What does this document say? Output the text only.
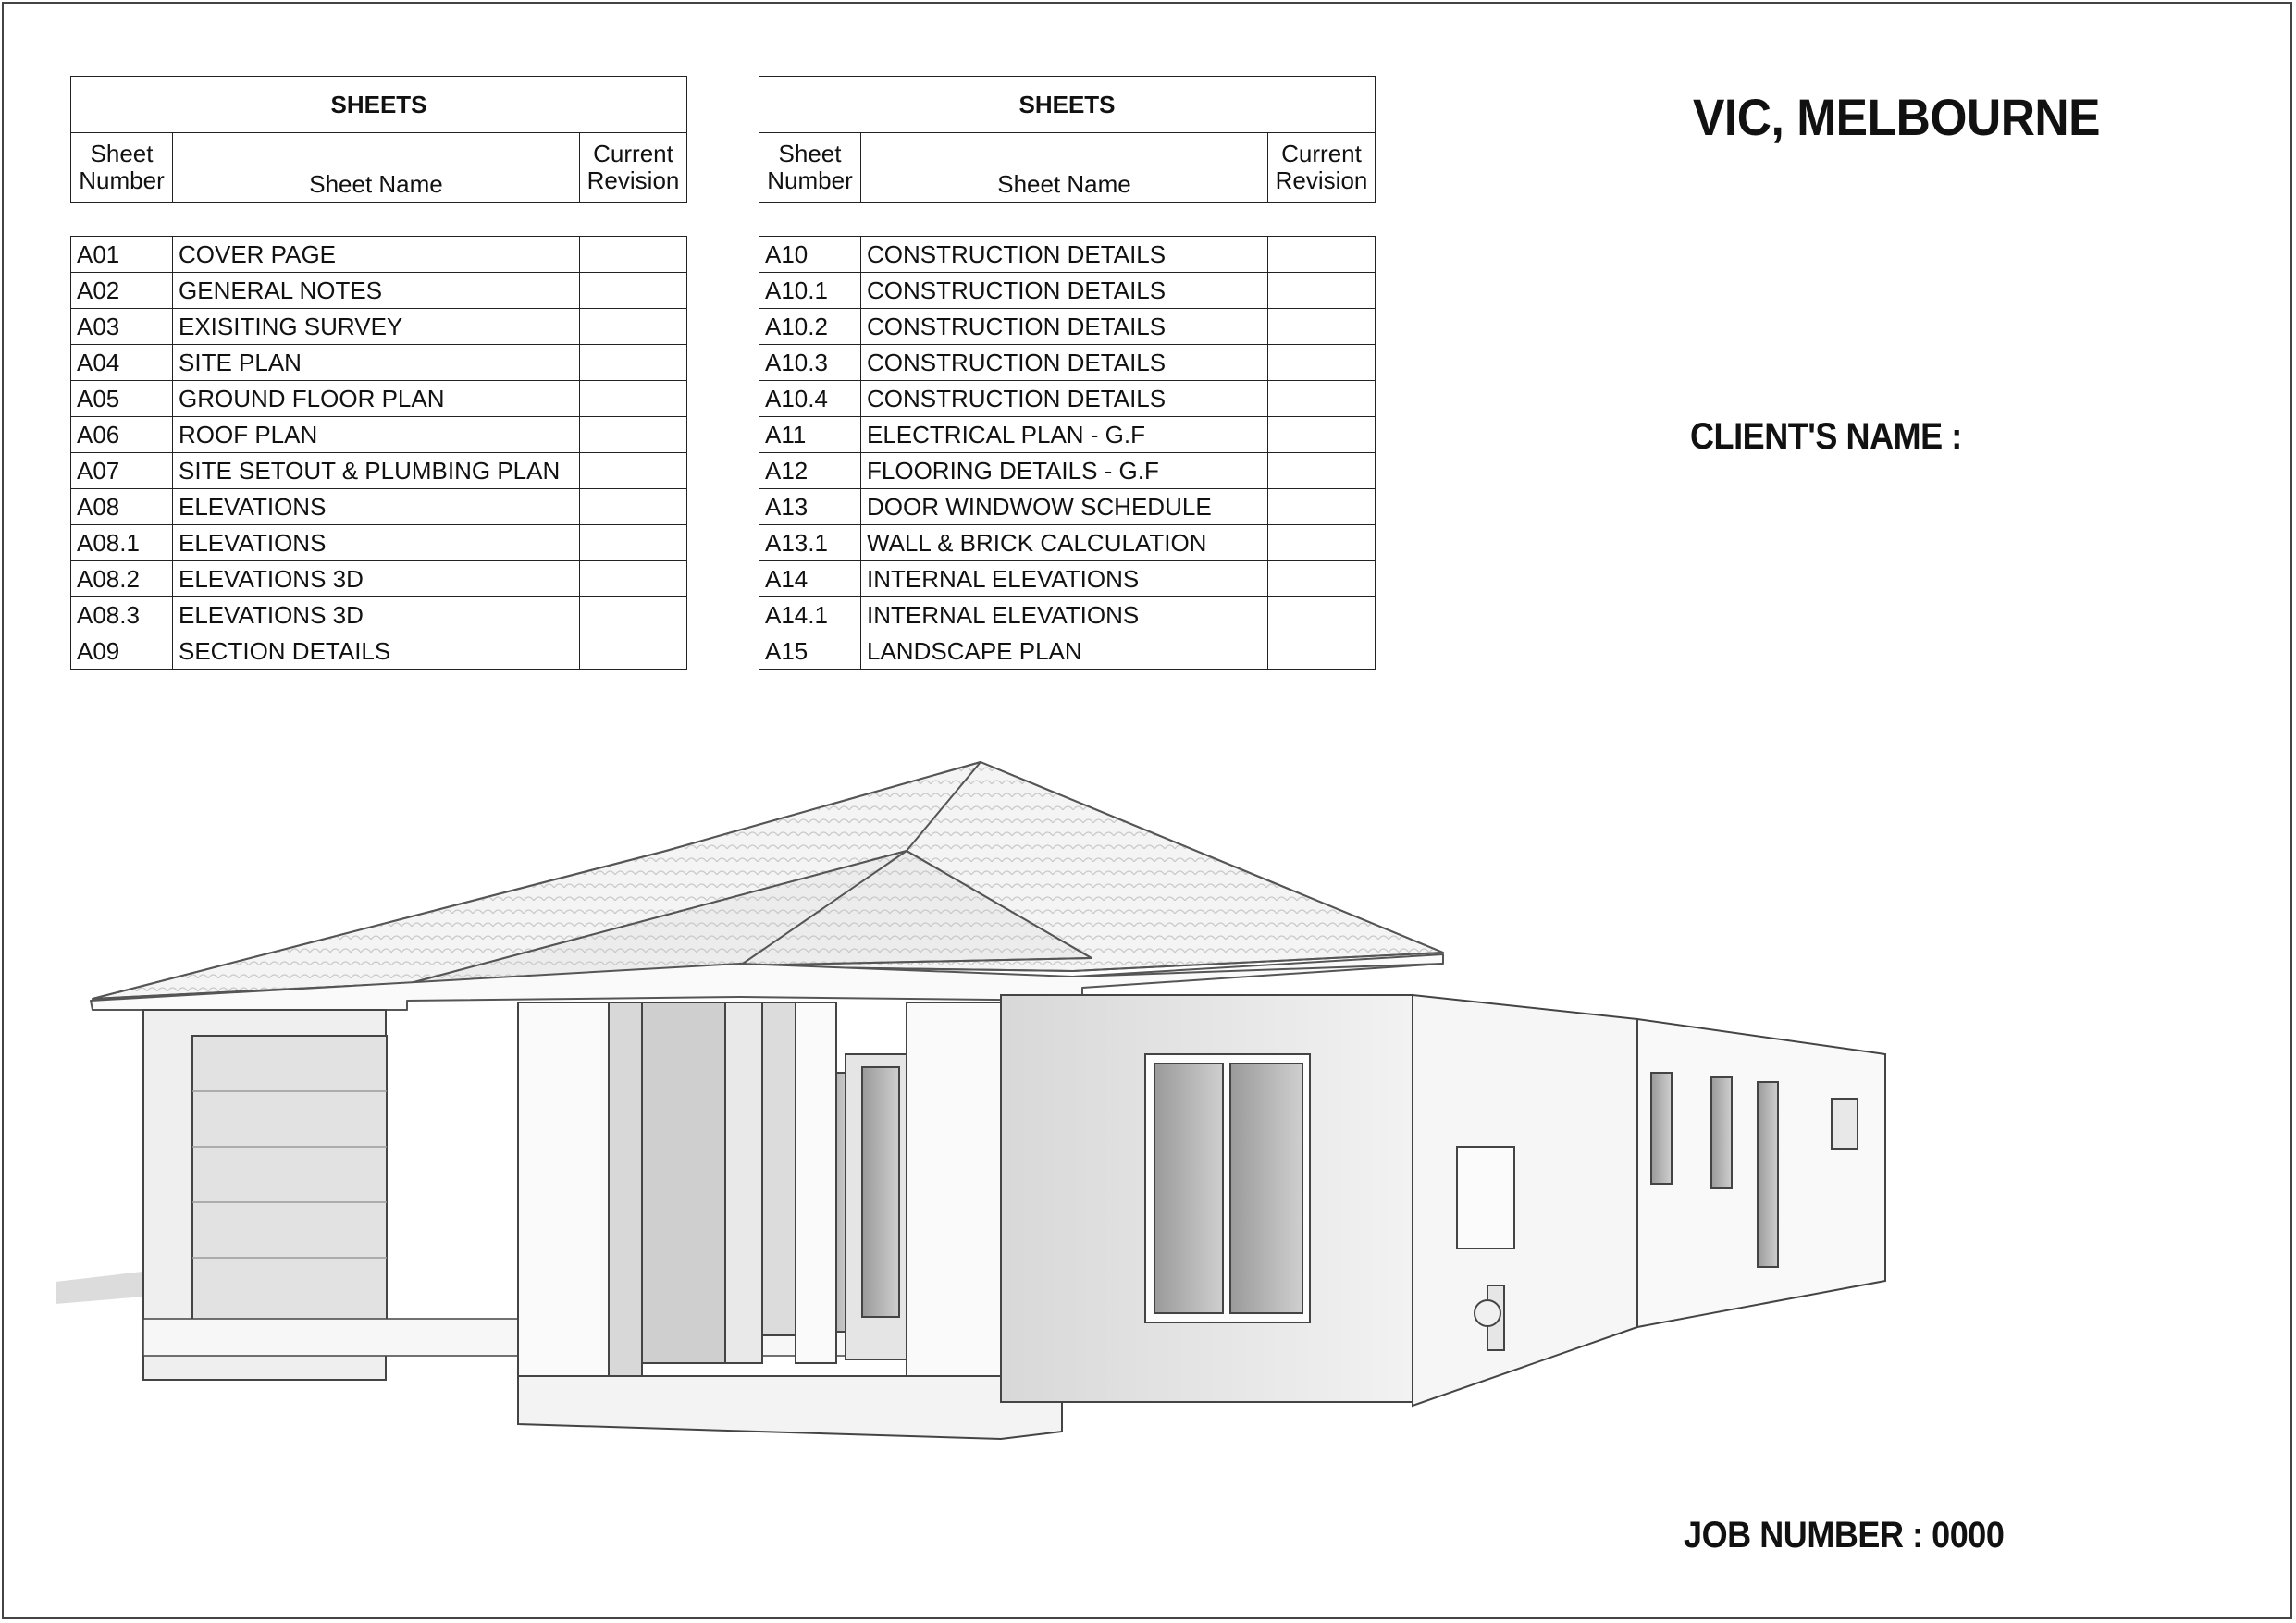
SHEETS		
Sheet
Number	Sheet Name	Current
Revision

A01	COVER PAGE	
A02	GENERAL NOTES	
A03	EXISITING SURVEY	
A04	SITE PLAN	
A05	GROUND FLOOR PLAN	
A06	ROOF PLAN	
A07	SITE SETOUT & PLUMBING PLAN	
A08	ELEVATIONS	
A08.1	ELEVATIONS	
A08.2	ELEVATIONS 3D	
A08.3	ELEVATIONS 3D	
A09	SECTION DETAILS	
SHEETS		
Sheet
Number	Sheet Name	Current
Revision

A10	CONSTRUCTION DETAILS	
A10.1	CONSTRUCTION DETAILS	
A10.2	CONSTRUCTION DETAILS	
A10.3	CONSTRUCTION DETAILS	
A10.4	CONSTRUCTION DETAILS	
A11	ELECTRICAL PLAN - G.F	
A12	FLOORING DETAILS - G.F	
A13	DOOR WINDWOW SCHEDULE	
A13.1	WALL & BRICK CALCULATION	
A14	INTERNAL ELEVATIONS	
A14.1	INTERNAL ELEVATIONS	
A15	LANDSCAPE PLAN	
VIC, MELBOURNE
CLIENT'S NAME :
JOB NUMBER : 0000
